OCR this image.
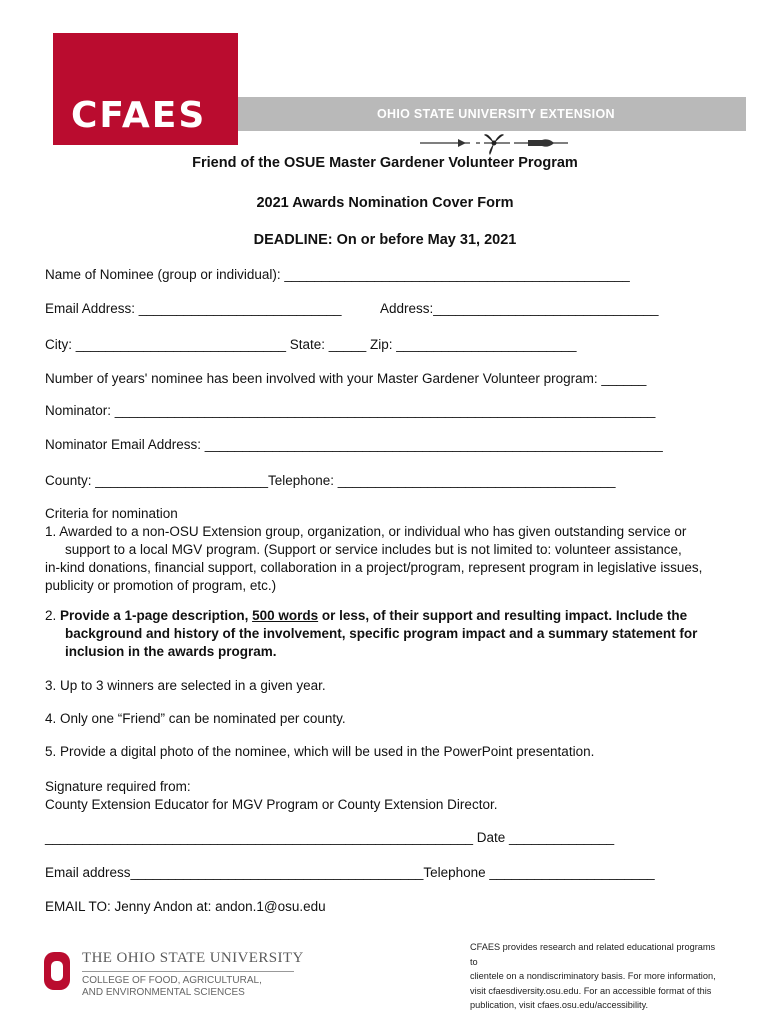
CFAES	OHIO STATE UNIVERSITY EXTENSION
Friend of the OSUE Master Gardener Volunteer Program
2021 Awards Nomination Cover Form
DEADLINE: On or before May 31, 2021
Name of Nominee (group or individual): ______________________________________________
Email Address: ___________________________	Address:______________________________
City: ____________________________ State: _____ Zip: ________________________
Number of years' nominee has been involved with your Master Gardener Volunteer program: ______
Nominator: ________________________________________________________________________
Nominator Email Address: _____________________________________________________________
County: _______________________Telephone: _____________________________________
Criteria for nomination
1. Awarded to a non-OSU Extension group, organization, or individual who has given outstanding service or
support to a local MGV program. (Support or service includes but is not limited to: volunteer assistance,
in-kind donations, financial support, collaboration in a project/program, represent program in legislative issues, publicity or promotion of program, etc.)
2. Provide a 1-page description, 500 words or less, of their support and resulting impact. Include the
background and history of the involvement, specific program impact and a summary statement for inclusion in the awards program.
3. Up to 3 winners are selected in a given year.
4. Only one “Friend” can be nominated per county.
5. Provide a digital photo of the nominee, which will be used in the PowerPoint presentation.
Signature required from:
County Extension Educator for MGV Program or County Extension Director.
_________________________________________________________ Date ______________
Email address_______________________________________Telephone ______________________
EMAIL TO: Jenny Andon at: andon.1@osu.edu
THE OHIO STATE UNIVERSITY
COLLEGE OF FOOD, AGRICULTURAL,
AND ENVIRONMENTAL SCIENCES
CFAES provides research and related educational programs to
clientele on a nondiscriminatory basis. For more information,
visit cfaesdiversity.osu.edu. For an accessible format of this
publication, visit cfaes.osu.edu/accessibility.
